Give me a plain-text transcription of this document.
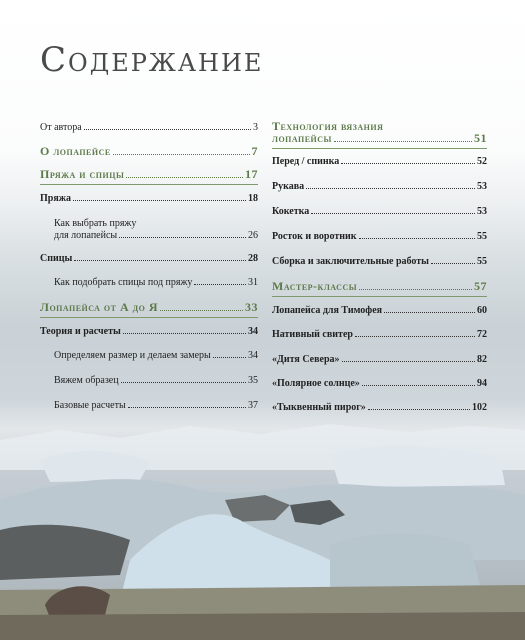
Содержание
От автора	3
О лопапейсе	7
Пряжа и спицы	17
Пряжа	18
Как выбрать пряжу
для лопапейсы	26
Спицы	28
Как подобрать спицы под пряжу	31
Лопапейса от А до Я	33
Теория и расчеты	34
Определяем размер и делаем замеры	34
Вяжем образец	35
Базовые расчеты	37
Технология вязания
лопапейсы	51
Перед / спинка	52
Рукава	53
Кокетка	53
Росток и воротник	55
Сборка и заключительные работы	55
Мастер-классы	57
Лопапейса для Тимофея	60
Нативный свитер	72
«Дитя Севера»	82
«Полярное солнце»	94
«Тыквенный пирог»	102
